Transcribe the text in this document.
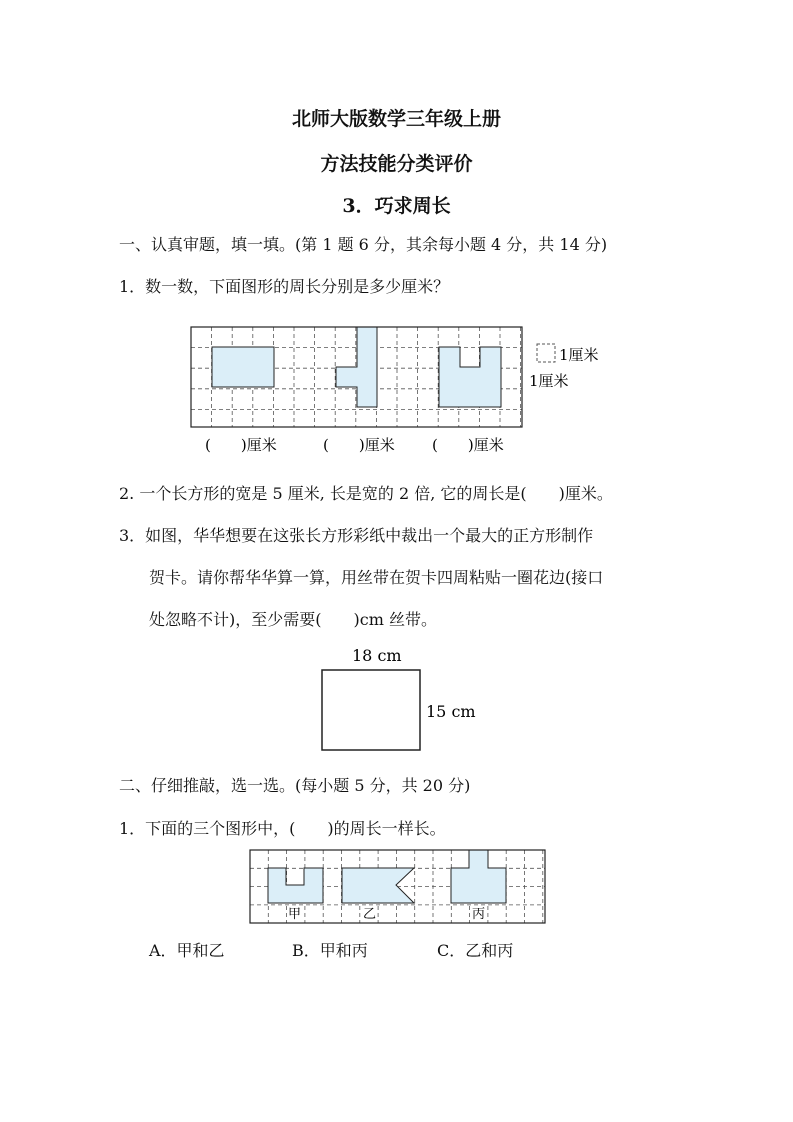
北师大版数学三年级上册
方法技能分类评价
3．巧求周长
一、认真审题，填一填。(第 1 题 6 分，其余每小题 4 分，共 14 分)
1．数一数，下面图形的周长分别是多少厘米？
1厘米
1厘米
(　　)厘米	(　　)厘米 (　　)厘米
2. 一个长方形的宽是 5 厘米, 长是宽的 2 倍, 它的周长是(　　)厘米。
3．如图，华华想要在这张长方形彩纸中裁出一个最大的正方形制作
贺卡。请你帮华华算一算，用丝带在贺卡四周粘贴一圈花边(接口
处忽略不计)，至少需要(　　)cm 丝带。
18 cm
15 cm
二、仔细推敲，选一选。(每小题 5 分，共 20 分)
1．下面的三个图形中，(　　)的周长一样长。
甲	乙	丙
A．甲和乙	B．甲和丙	C．乙和丙
